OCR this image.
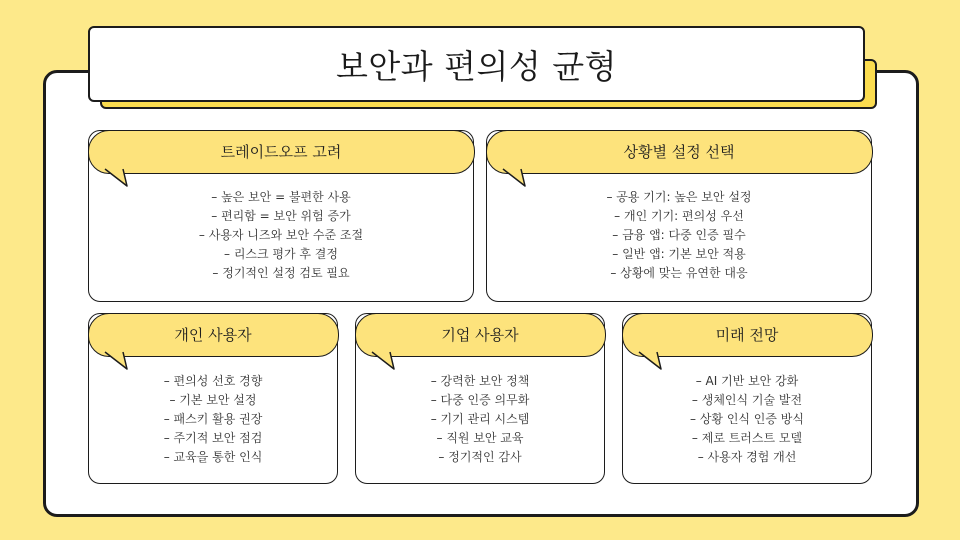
보안과 편의성 균형
트레이드오프 고려
– 높은 보안 = 불편한 사용
– 편리함 = 보안 위험 증가
– 사용자 니즈와 보안 수준 조절
– 리스크 평가 후 결정
– 정기적인 설정 검토 필요
상황별 설정 선택
– 공용 기기: 높은 보안 설정
– 개인 기기: 편의성 우선
– 금융 앱: 다중 인증 필수
– 일반 앱: 기본 보안 적용
– 상황에 맞는 유연한 대응
개인 사용자
– 편의성 선호 경향
– 기본 보안 설정
– 패스키 활용 권장
– 주기적 보안 점검
– 교육을 통한 인식
기업 사용자
– 강력한 보안 정책
– 다중 인증 의무화
– 기기 관리 시스템
– 직원 보안 교육
– 정기적인 감사
미래 전망
– AI 기반 보안 강화
– 생체인식 기술 발전
– 상황 인식 인증 방식
– 제로 트러스트 모델
– 사용자 경험 개선
